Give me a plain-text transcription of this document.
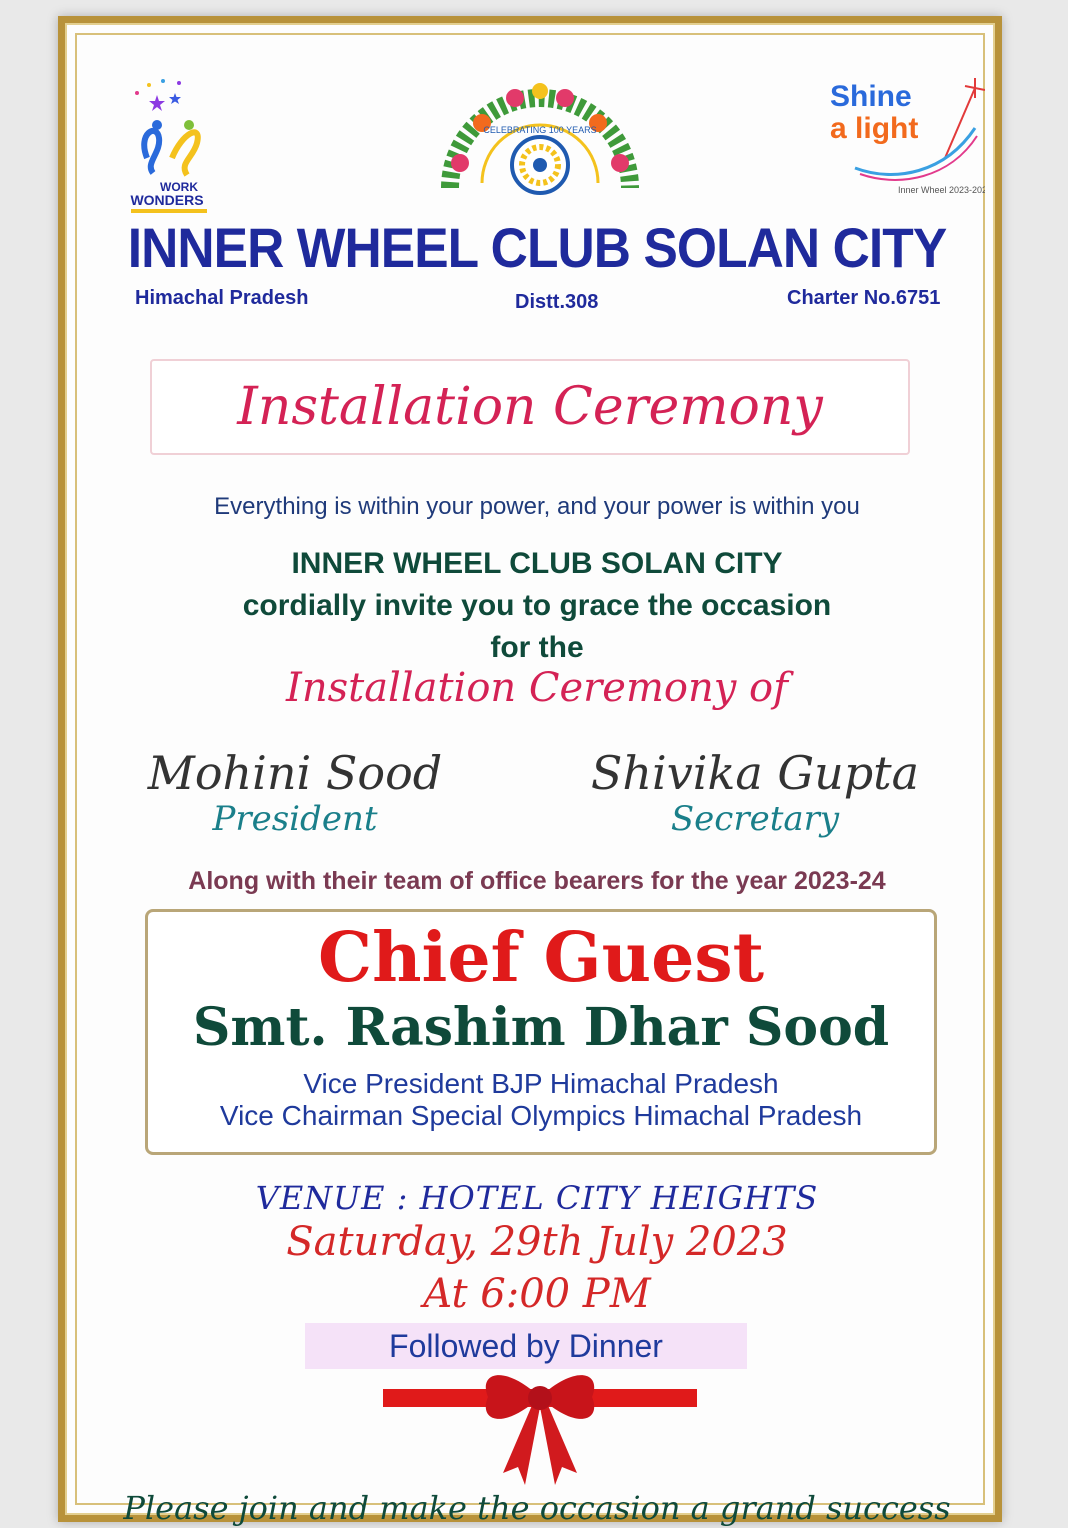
WORK
WONDERS
CELEBRATING 100 YEARS
Shine
a light
Inner Wheel 2023-2024
INNER WHEEL CLUB SOLAN CITY
Himachal Pradesh	Distt.308	Charter No.6751
Installation Ceremony
Everything is within your power, and your power is within you
INNER WHEEL CLUB SOLAN CITY
cordially invite you to grace the occasion
for the
Installation Ceremony of
Mohini Sood
President
Shivika Gupta
Secretary
Along with their team of office bearers for the year 2023-24
Chief Guest
Smt. Rashim Dhar Sood
Vice President BJP Himachal Pradesh
Vice Chairman Special Olympics Himachal Pradesh
VENUE : HOTEL CITY HEIGHTS
Saturday, 29th July 2023
At 6:00 PM
Followed by Dinner
Please join and make the occasion a grand success
